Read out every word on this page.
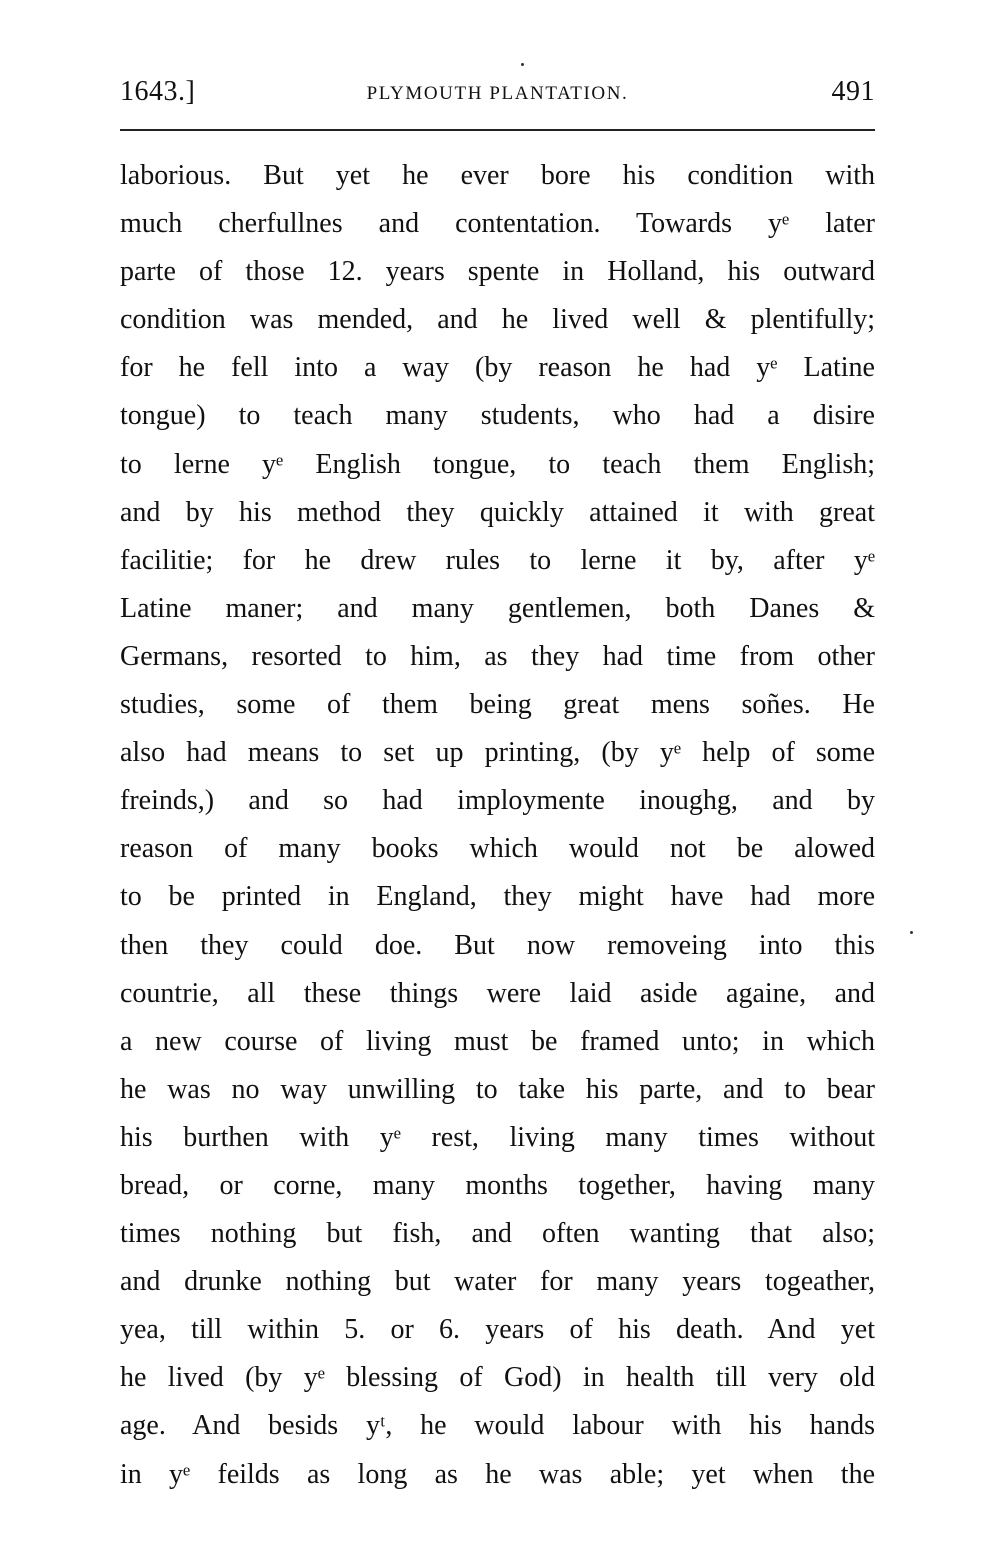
1643.]	PLYMOUTH PLANTATION.	491
laborious. But yet he ever bore his condition with
much cherfullnes and contentation. Towards yᵉ later
parte of those 12. years spente in Holland, his outward
condition was mended, and he lived well & plentifully;
for he fell into a way (by reason he had yᵉ Latine
tongue) to teach many students, who had a disire
to lerne yᵉ English tongue, to teach them English;
and by his method they quickly attained it with great
facilitie; for he drew rules to lerne it by, after yᵉ
Latine maner; and many gentlemen, both Danes &
Germans, resorted to him, as they had time from other
studies, some of them being great mens soñes. He
also had means to set up printing, (by yᵉ help of some
freinds,) and so had imploymente inoughg, and by
reason of many books which would not be alowed
to be printed in England, they might have had more
then they could doe. But now removeing into this
countrie, all these things were laid aside againe, and
a new course of living must be framed unto; in which
he was no way unwilling to take his parte, and to bear
his burthen with yᵉ rest, living many times without
bread, or corne, many months together, having many
times nothing but fish, and often wanting that also;
and drunke nothing but water for many years togeather,
yea, till within 5. or 6. years of his death. And yet
he lived (by yᵉ blessing of God) in health till very old
age. And besids yᵗ, he would labour with his hands
in yᵉ feilds as long as he was able; yet when the
